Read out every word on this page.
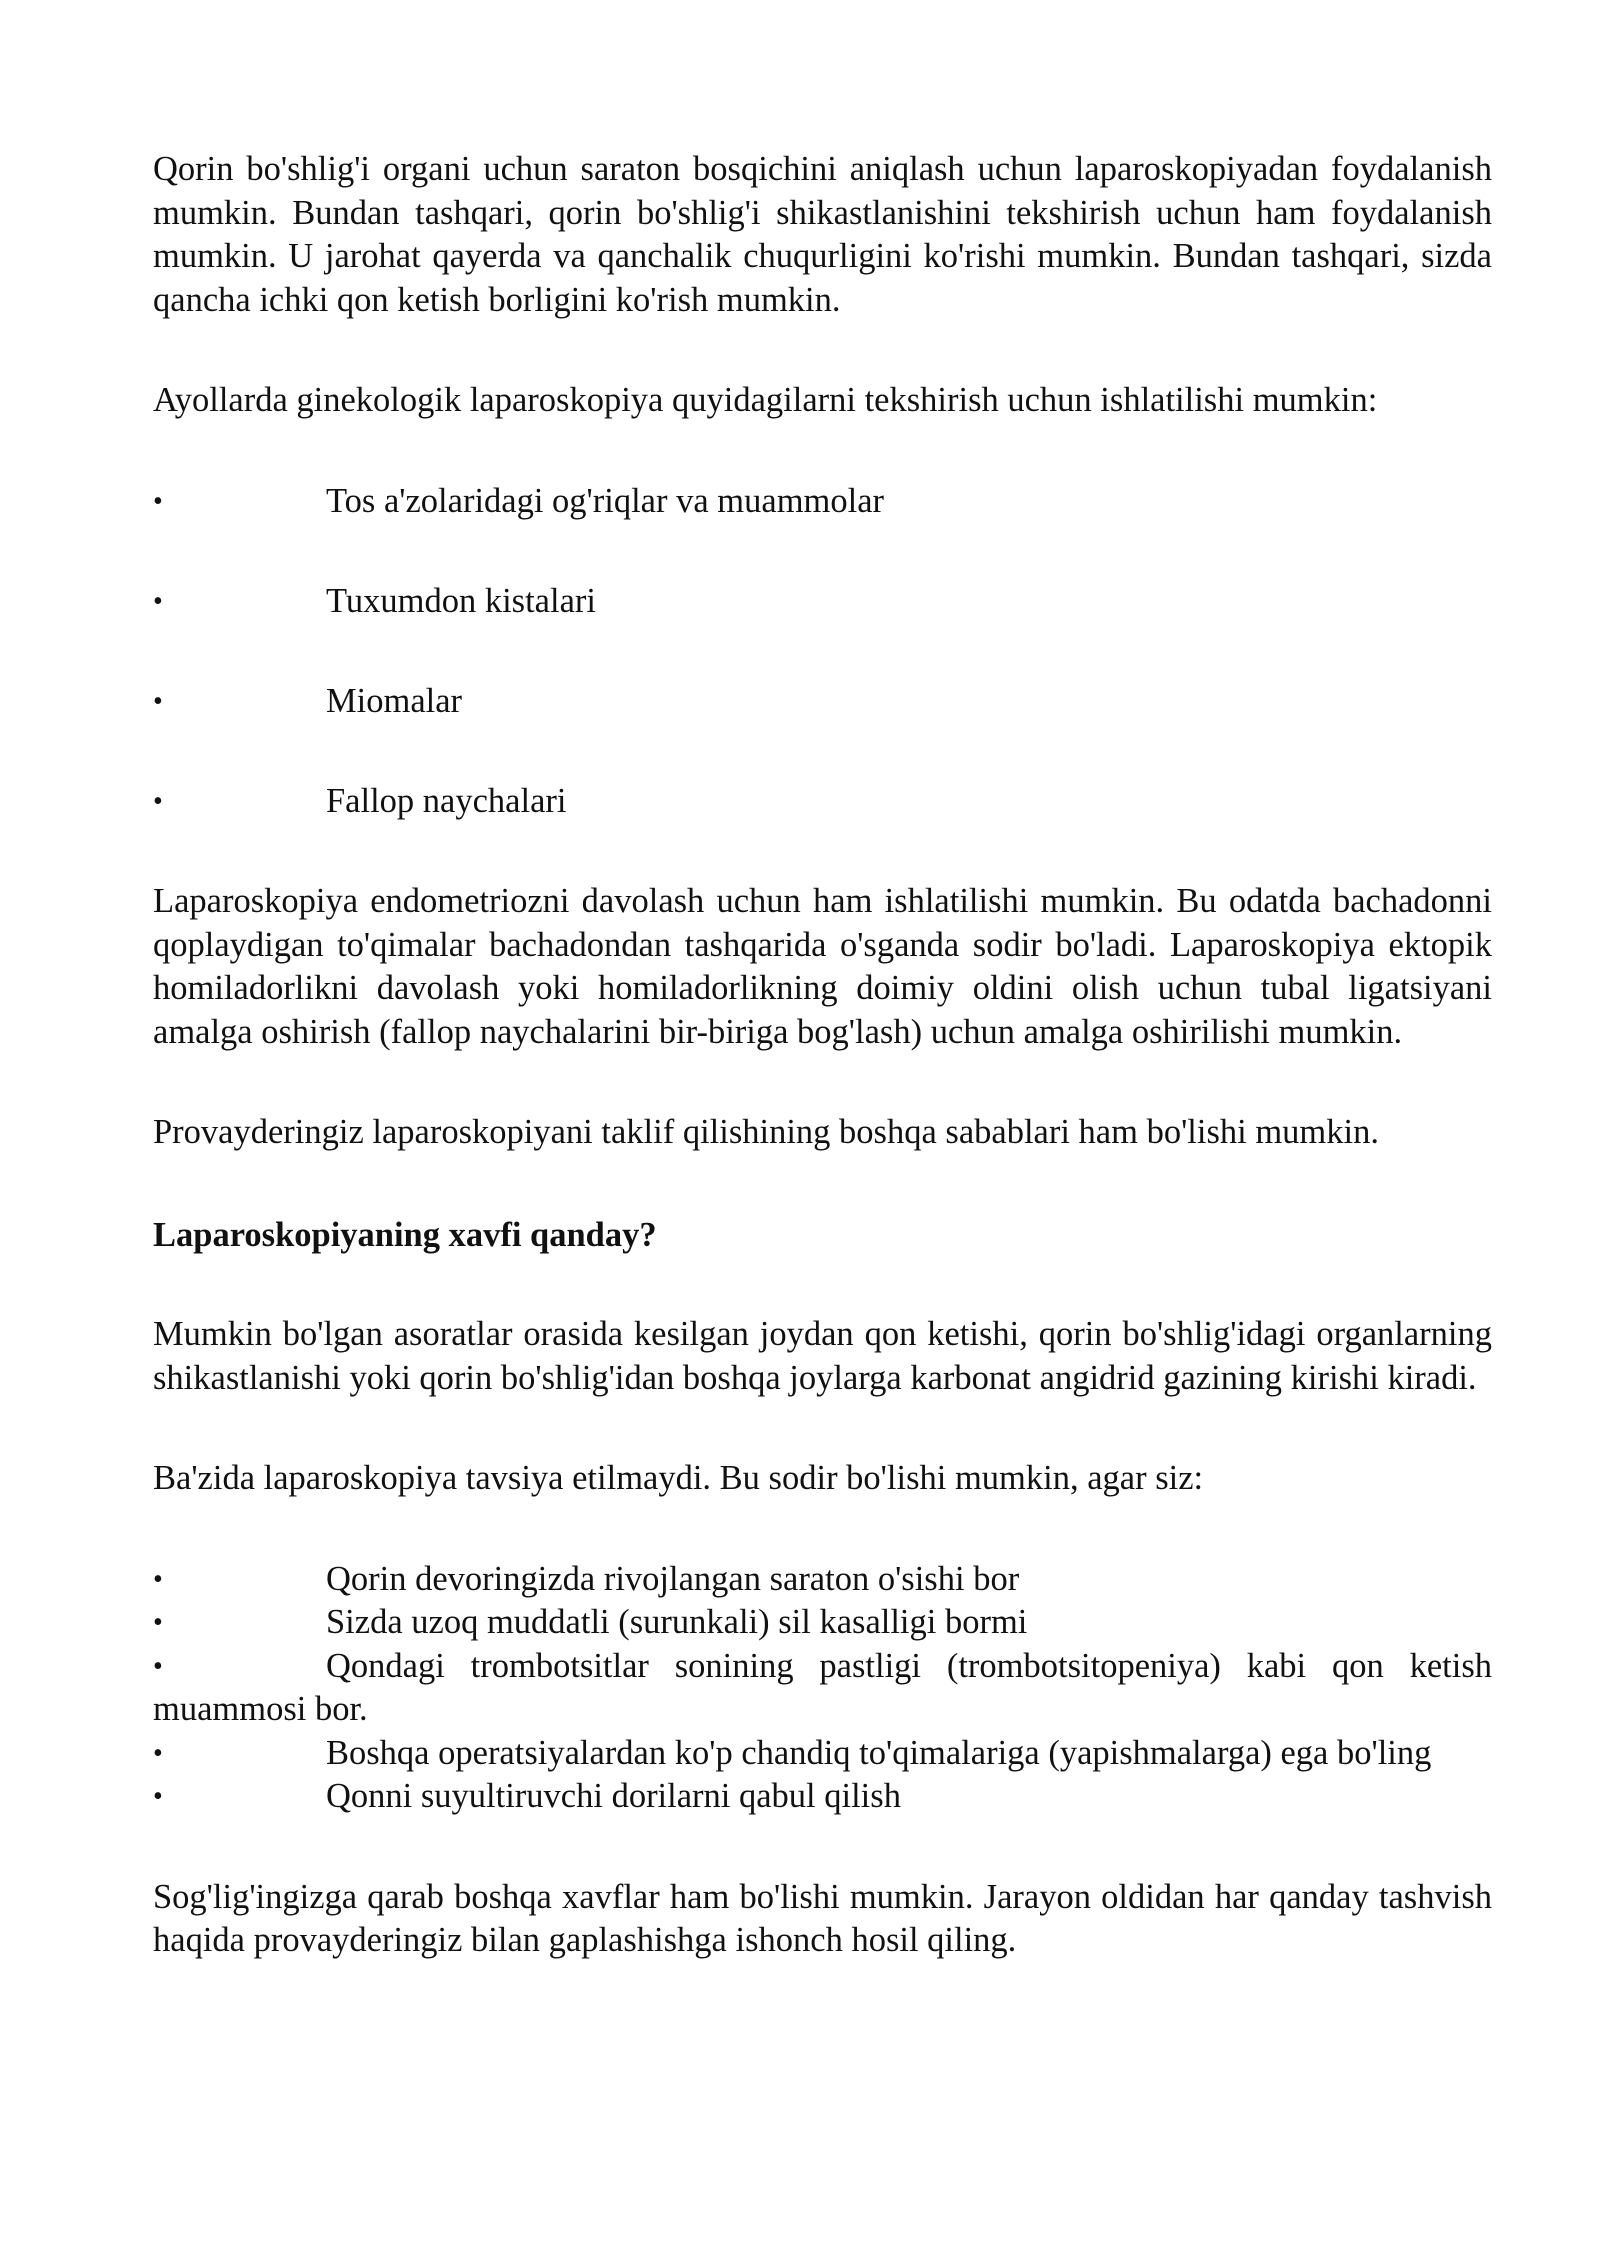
Qorin bo'shlig'i organi uchun saraton bosqichini aniqlash uchun laparoskopiyadan foydalanish mumkin. Bundan tashqari, qorin bo'shlig'i shikastlanishini tekshirish uchun ham foydalanish mumkin. U jarohat qayerda va qanchalik chuqurligini ko'rishi mumkin. Bundan tashqari, sizda qancha ichki qon ketish borligini ko'rish mumkin.

Ayollarda ginekologik laparoskopiya quyidagilarni tekshirish uchun ishlatilishi mumkin:

•	Tos a'zolaridagi og'riqlar va muammolar
•	Tuxumdon kistalari
•	Miomalar
•	Fallop naychalari

Laparoskopiya endometriozni davolash uchun ham ishlatilishi mumkin. Bu odatda bachadonni qoplaydigan to'qimalar bachadondan tashqarida o'sganda sodir bo'ladi. Laparoskopiya ektopik homiladorlikni davolash yoki homiladorlikning doimiy oldini olish uchun tubal ligatsiyani amalga oshirish (fallop naychalarini bir-biriga bog'lash) uchun amalga oshirilishi mumkin.

Provayderingiz laparoskopiyani taklif qilishining boshqa sabablari ham bo'lishi mumkin.

Laparoskopiyaning xavfi qanday?

Mumkin bo'lgan asoratlar orasida kesilgan joydan qon ketishi, qorin bo'shlig'idagi organlarning shikastlanishi yoki qorin bo'shlig'idan boshqa joylarga karbonat angidrid gazining kirishi kiradi.

Ba'zida laparoskopiya tavsiya etilmaydi. Bu sodir bo'lishi mumkin, agar siz:

•	Qorin devoringizda rivojlangan saraton o'sishi bor
•	Sizda uzoq muddatli (surunkali) sil kasalligi bormi
•	Qondagi trombotsitlar sonining pastligi (trombotsitopeniya) kabi qon ketish muammosi bor.
•	Boshqa operatsiyalardan ko'p chandiq to'qimalariga (yapishmalarga) ega bo'ling
•	Qonni suyultiruvchi dorilarni qabul qilish

Sog'lig'ingizga qarab boshqa xavflar ham bo'lishi mumkin. Jarayon oldidan har qanday tashvish haqida provayderingiz bilan gaplashishga ishonch hosil qiling.
